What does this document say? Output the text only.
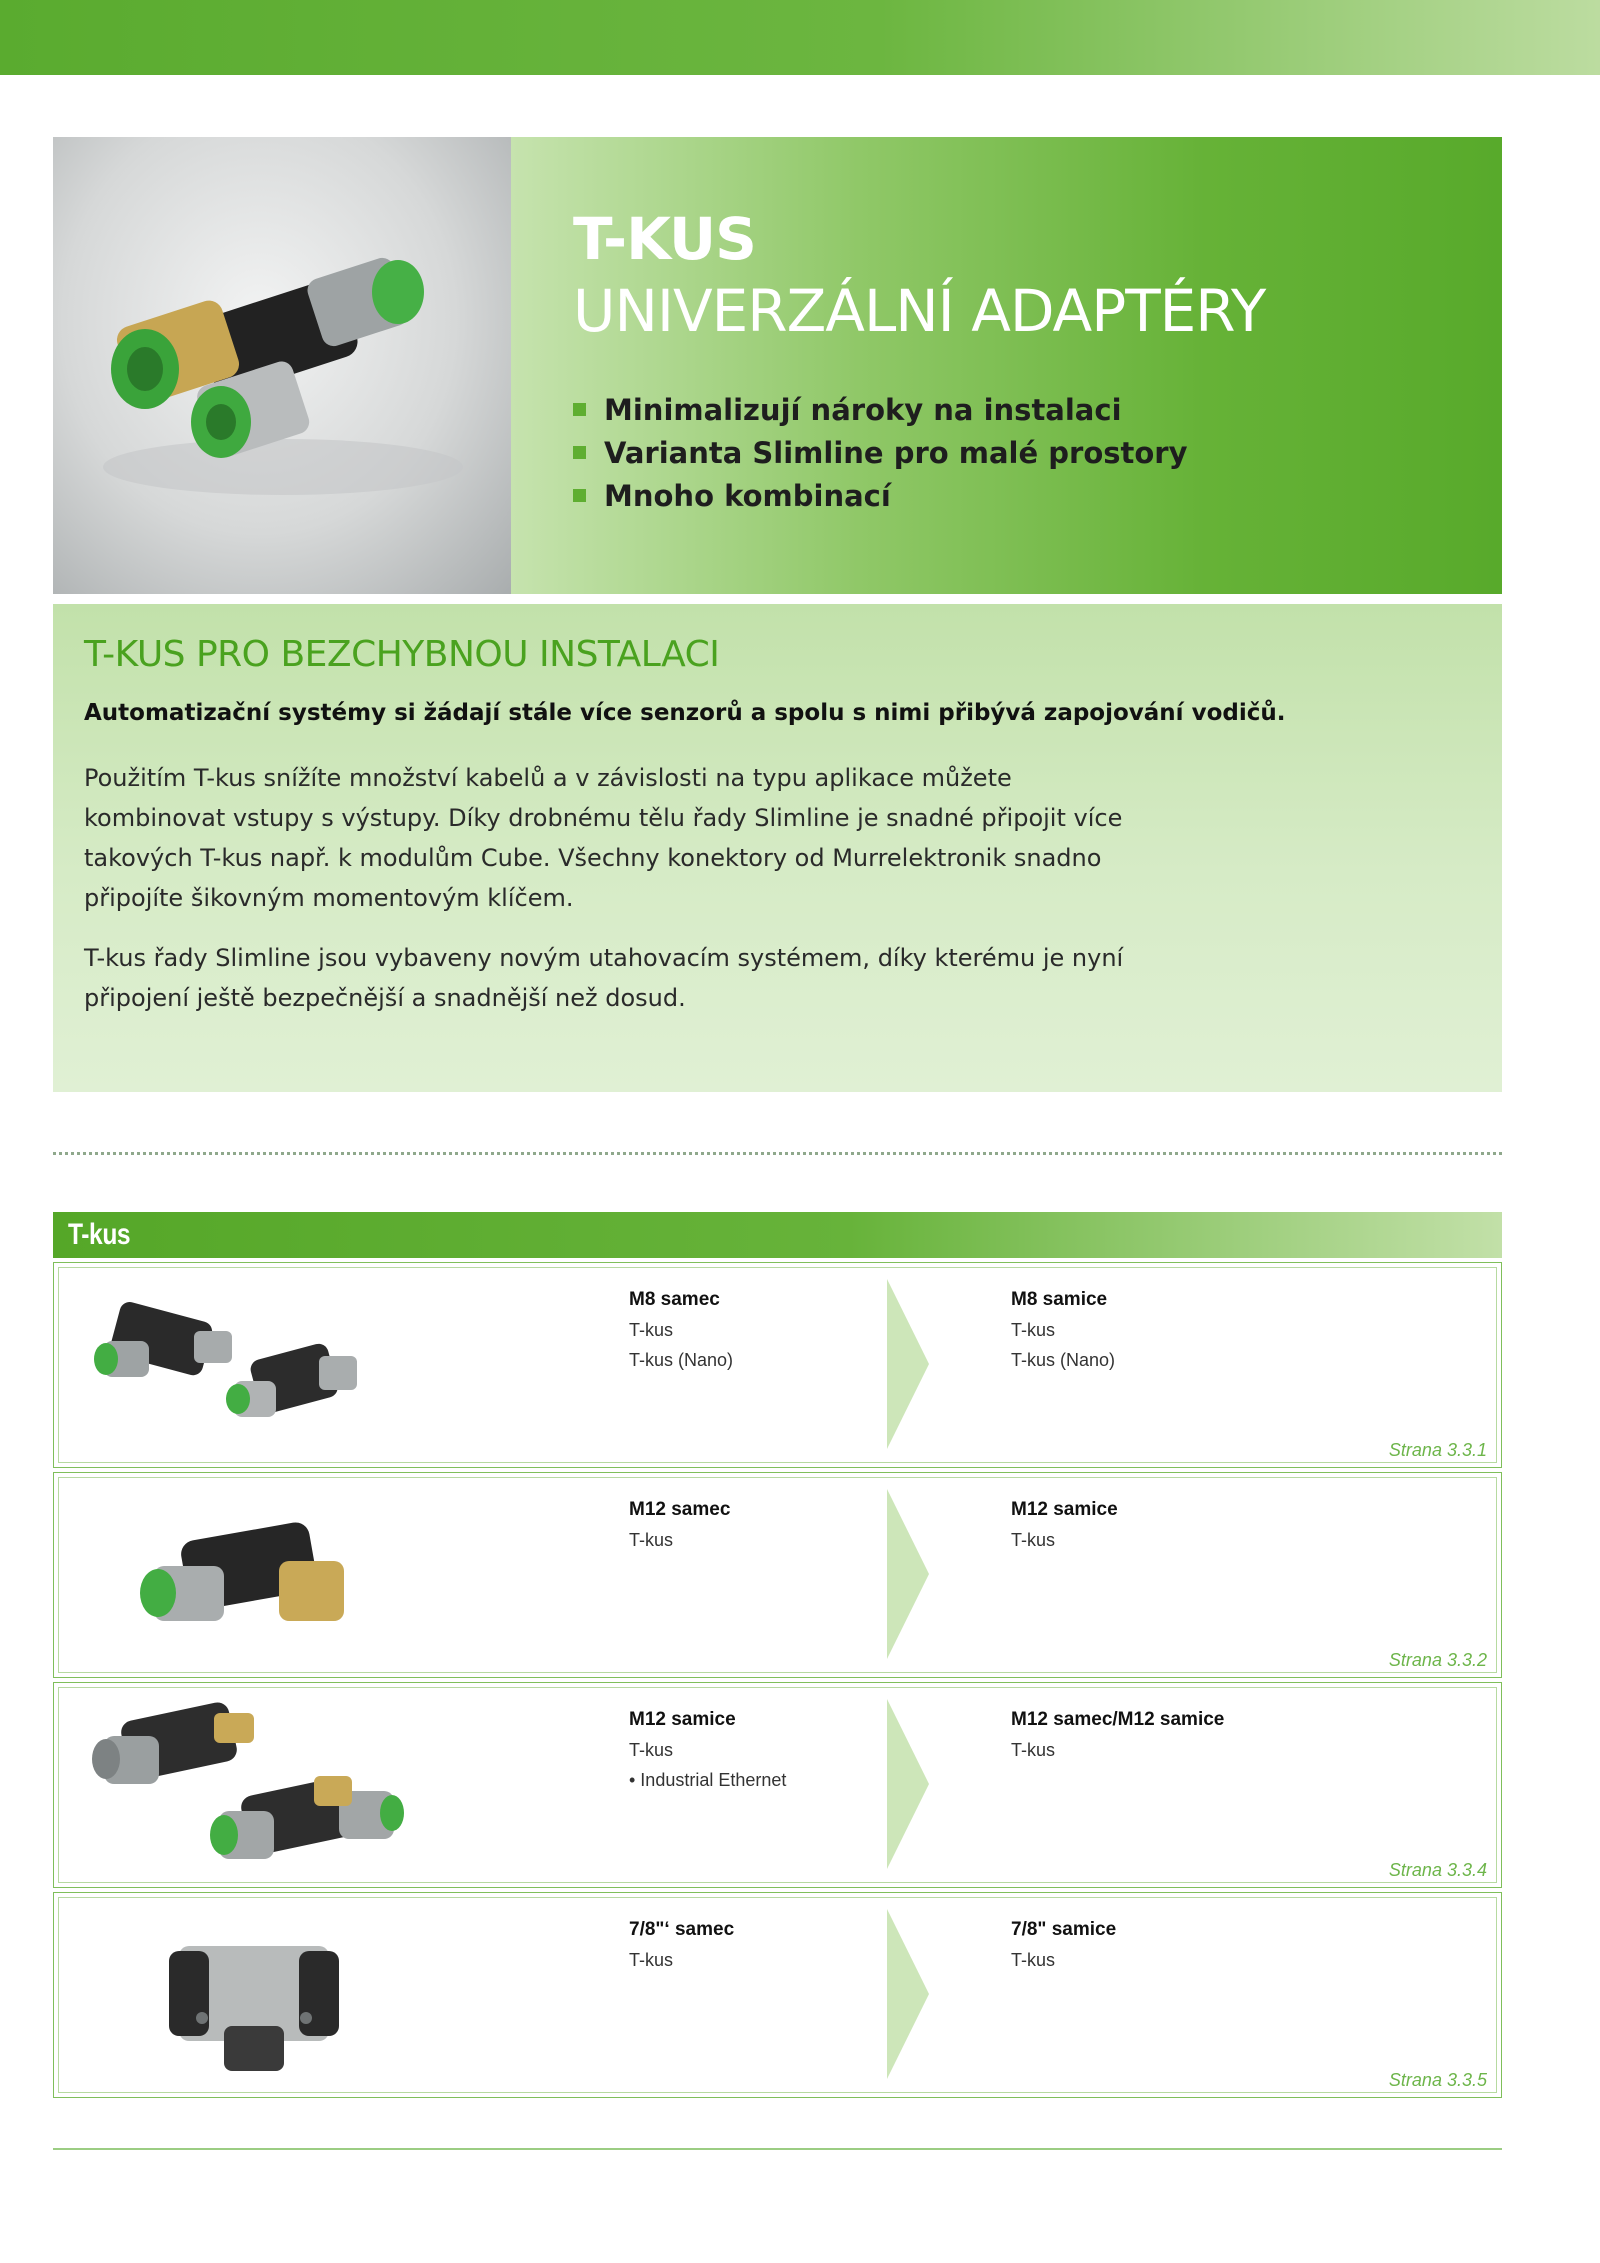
T-KUS
UNIVERZÁLNÍ ADAPTÉRY
Minimalizují nároky na instalaci
Varianta Slimline pro malé prostory
Mnoho kombinací
T-KUS PRO BEZCHYBNOU INSTALACI

Automatizační systémy si žádají stále více senzorů a spolu s nimi přibývá zapojování vodičů.

Použitím T-kus snížíte množství kabelů a v závislosti na typu aplikace můžete kombinovat vstupy s výstupy. Díky drobnému tělu řady Slimline je snadné připojit více takových T-kus např. k modulům Cube. Všechny konektory od Murrelektronik snadno připojíte šikovným momentovým klíčem.

T-kus řady Slimline jsou vybaveny novým utahovacím systémem, díky kterému je nyní připojení ještě bezpečnější a snadnější než dosud.

T-kus
M8 samec
T-kus
T-kus (Nano)
M8 samice
T-kus
T-kus (Nano)
Strana 3.3.1
M12 samec
T-kus
M12 samice
T-kus
Strana 3.3.2
M12 samice
T-kus
• Industrial Ethernet
M12 samec/M12 samice
T-kus
Strana 3.3.4
7/8"‘ samec
T-kus
7/8" samice
T-kus
Strana 3.3.5
